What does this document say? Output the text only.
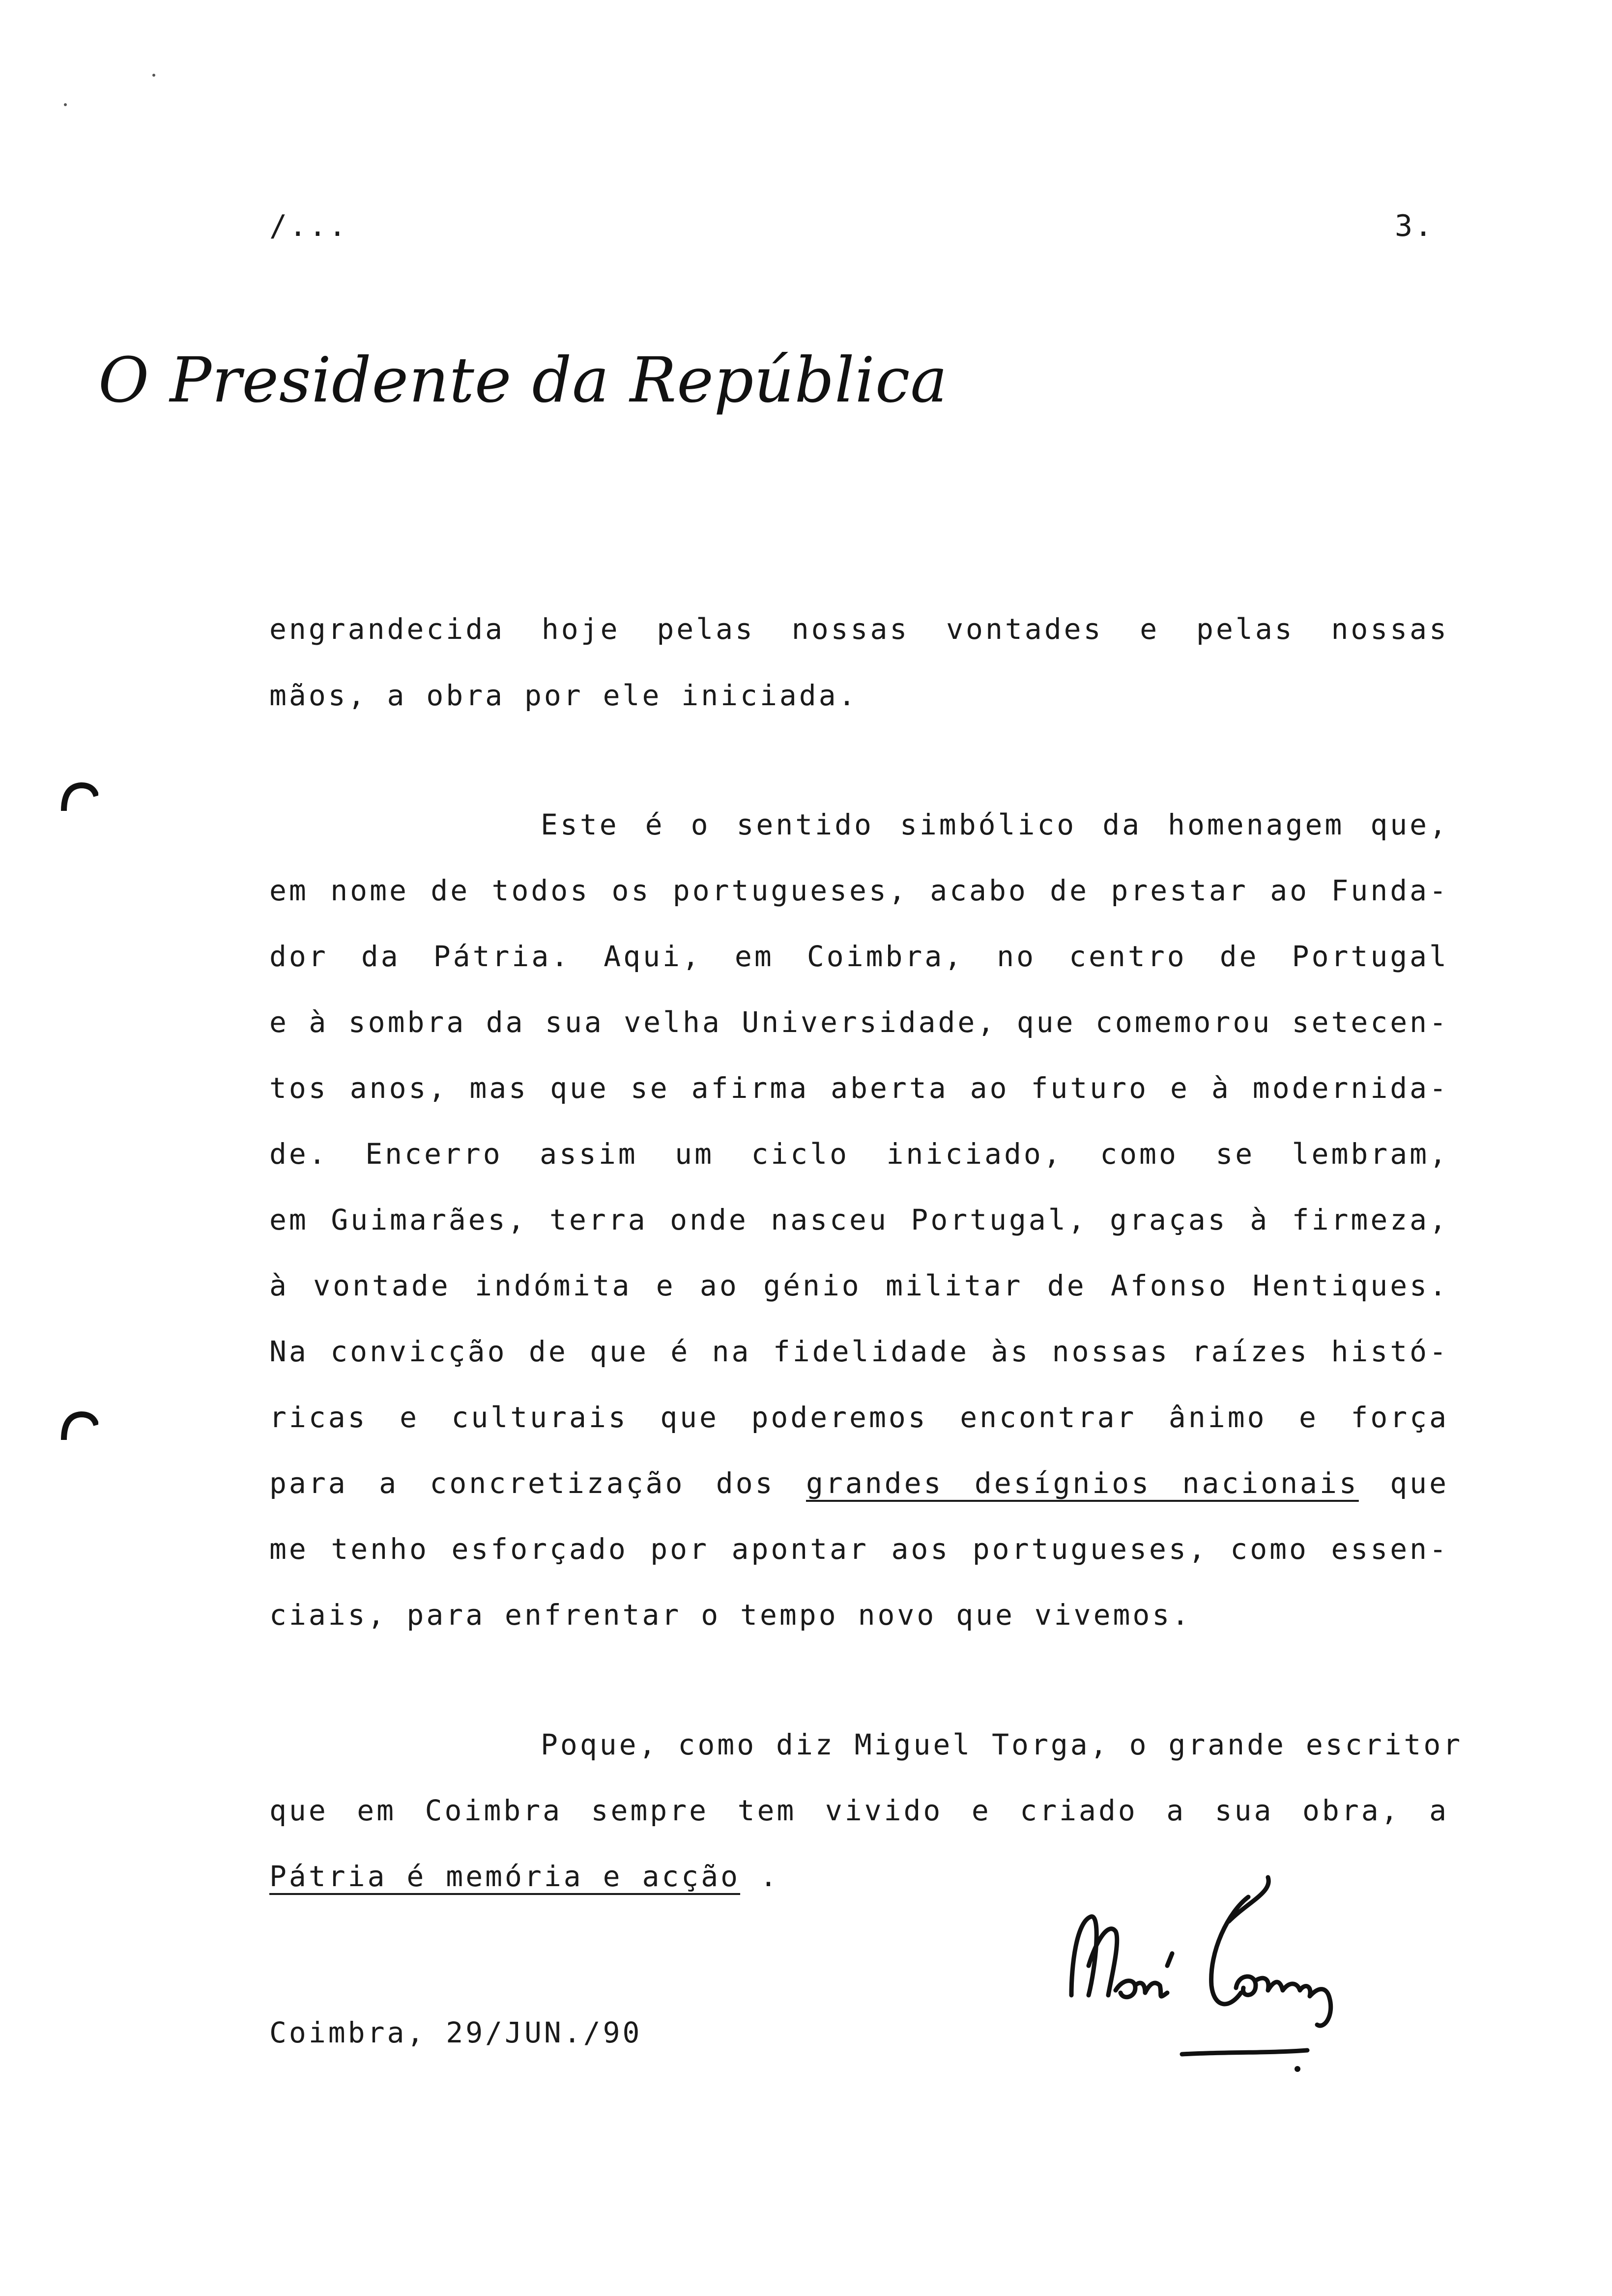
/...	3.
O Presidente da República
engrandecida hoje pelas nossas vontades e pelas nossas
mãos, a obra por ele iniciada.
Este é o sentido simbólico da homenagem que,
em nome de todos os portugueses, acabo de prestar ao Funda-
dor da Pátria. Aqui, em Coimbra, no centro de Portugal
e à sombra da sua velha Universidade, que comemorou setecen-
tos anos, mas que se afirma aberta ao futuro e à modernida-
de. Encerro assim um ciclo iniciado, como se lembram,
em Guimarães, terra onde nasceu Portugal, graças à firmeza,
à vontade indómita e ao génio militar de Afonso Hentiques.
Na convicção de que é na fidelidade às nossas raízes histó-
ricas e culturais que poderemos encontrar ânimo e força
para a concretização dos grandes desígnios nacionais que
me tenho esforçado por apontar aos portugueses, como essen-
ciais, para enfrentar o tempo novo que vivemos.
Poque, como diz Miguel Torga, o grande escritor
que em Coimbra sempre tem vivido e criado a sua obra, a
Pátria é memória e acção .
Coimbra, 29/JUN./90
